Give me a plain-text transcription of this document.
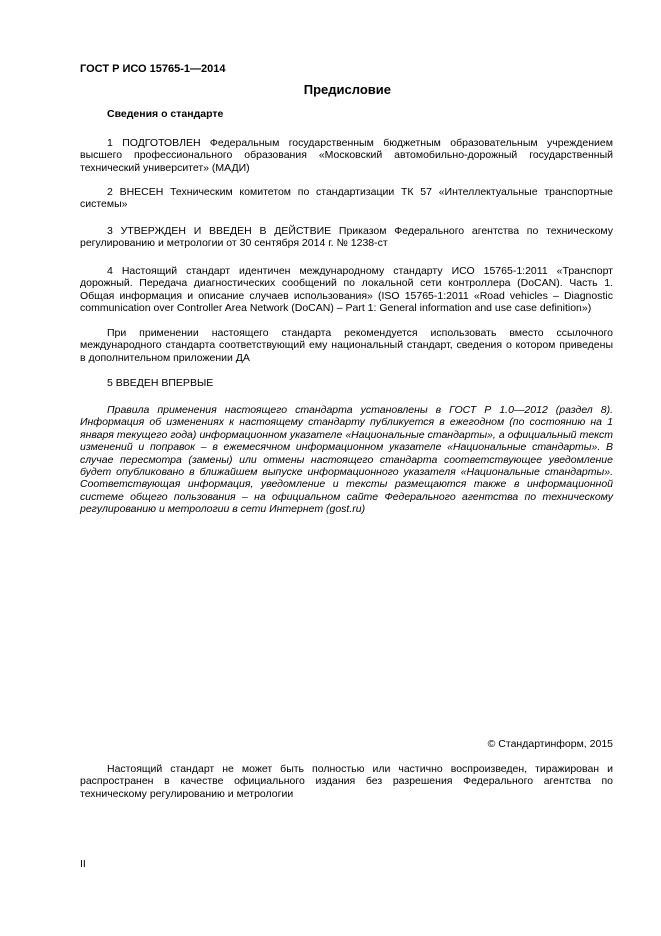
ГОСТ Р ИСО 15765-1—2014
Предисловие
Сведения о стандарте

1 ПОДГОТОВЛЕН Федеральным государственным бюджетным образовательным учреждением высшего профессионального образования «Московский автомобильно-дорожный государственный технический университет» (МАДИ)

2 ВНЕСЕН Техническим комитетом по стандартизации ТК 57 «Интеллектуальные транспортные системы»

3 УТВЕРЖДЕН И ВВЕДЕН В ДЕЙСТВИЕ Приказом Федерального агентства по техническому регулированию и метрологии от 30 сентября 2014 г. № 1238-ст

4 Настоящий стандарт идентичен международному стандарту ИСО 15765-1:2011 «Транспорт дорожный. Передача диагностических сообщений по локальной сети контроллера (DoCAN). Часть 1. Общая информация и описание случаев использования» (ISO 15765-1:2011 «Road vehicles – Diagnostic communication over Controller Area Network (DoCAN) – Part 1: General information and use case definition»)

При применении настоящего стандарта рекомендуется использовать вместо ссылочного международного стандарта соответствующий ему национальный стандарт, сведения о котором приведены в дополнительном приложении ДА

5 ВВЕДЕН ВПЕРВЫЕ

Правила применения настоящего стандарта установлены в ГОСТ Р 1.0—2012 (раздел 8). Информация об изменениях к настоящему стандарту публикуется в ежегодном (по состоянию на 1 января текущего года) информационном указателе «Национальные стандарты», а официальный текст изменений и поправок – в ежемесячном информационном указателе «Национальные стандарты». В случае пересмотра (замены) или отмены настоящего стандарта соответствующее уведомление будет опубликовано в ближайшем выпуске информационного указателя «Национальные стандарты». Соответствующая информация, уведомление и тексты размещаются также в информационной системе общего пользования – на официальном сайте Федерального агентства по техническому регулированию и метрологии в сети Интернет (gost.ru)

© Стандартинформ, 2015

Настоящий стандарт не может быть полностью или частично воспроизведен, тиражирован и распространен в качестве официального издания без разрешения Федерального агентства по техническому регулированию и метрологии

II
